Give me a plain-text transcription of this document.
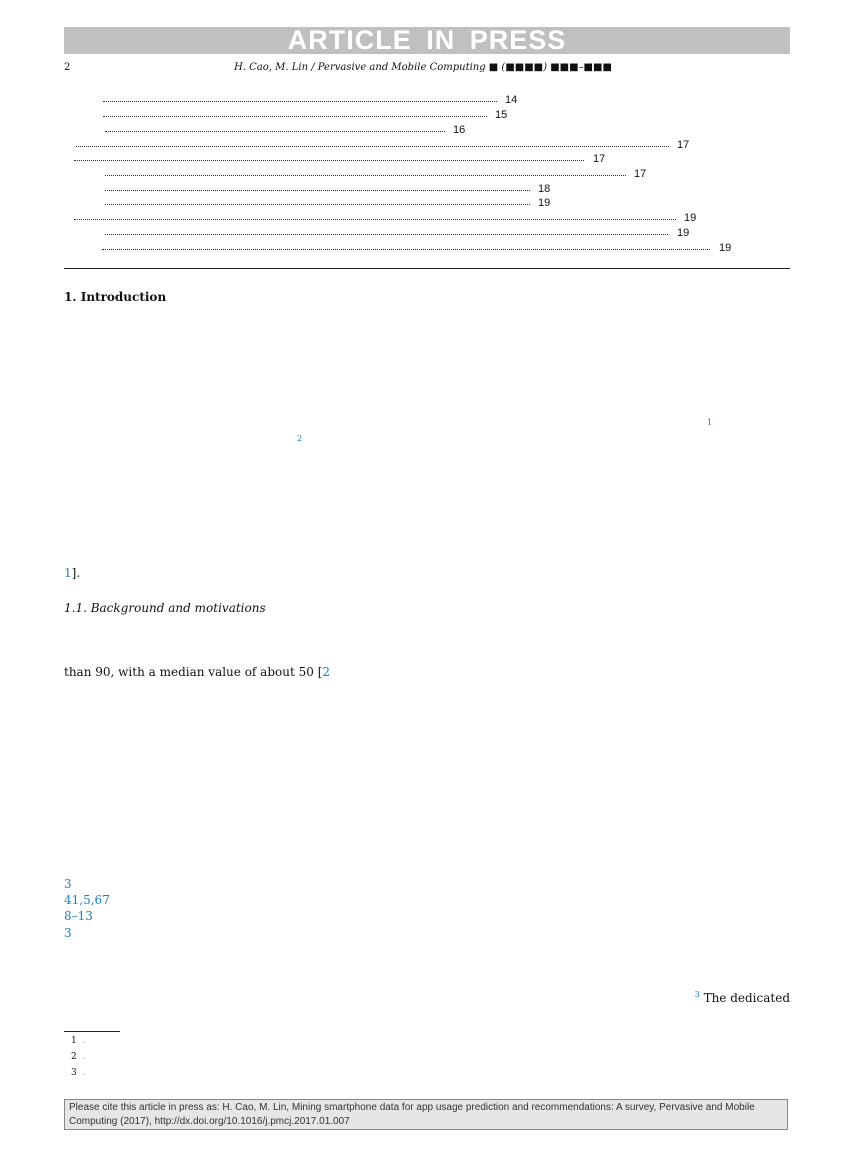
ARTICLE IN PRESS
2	H. Cao, M. Lin / Pervasive and Mobile Computing ■ (■■■■) ■■■–■■■
14
15
16
17
17
17
18
19
19
19
19
1. Introduction
1
2
1].
1.1. Background and motivations
than 90, with a median value of about 50 [2
3
41,5,67
8–13
3
$^3$ The dedicated
1 .
2 .
3 .
Please cite this article in press as: H. Cao, M. Lin, Mining smartphone data for app usage prediction and recommendations: A survey, Pervasive and Mobile
Computing (2017), http://dx.doi.org/10.1016/j.pmcj.2017.01.007
